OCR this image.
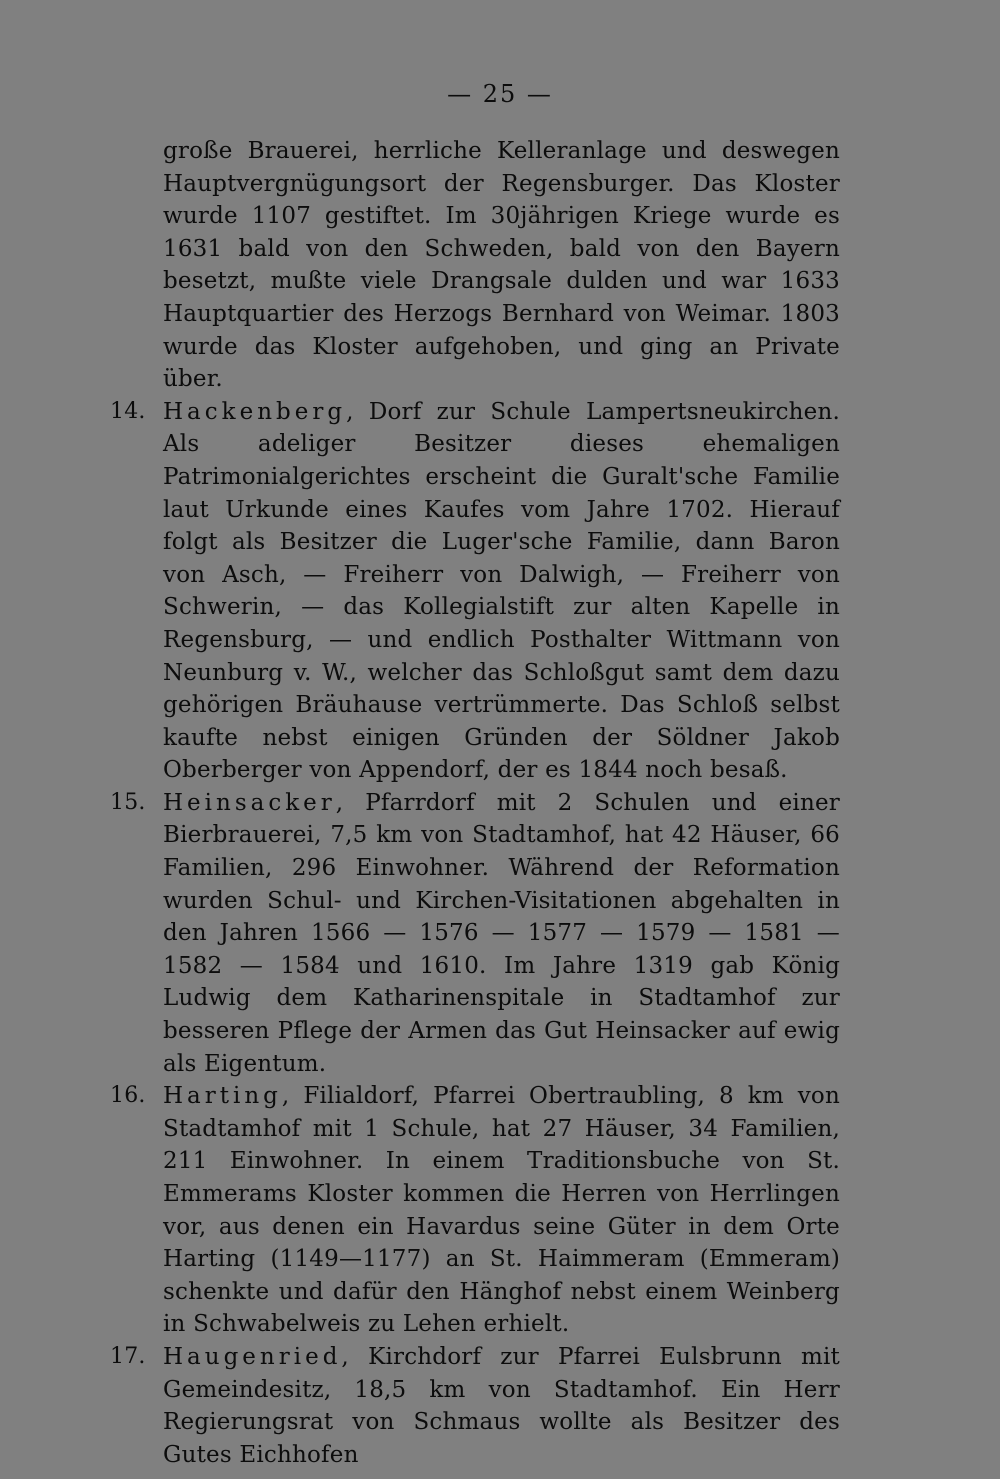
— 25 —
große Brauerei, herrliche Kelleranlage und deswegen Hauptvergnügungsort der Regensburger. Das Kloster wurde 1107 gestiftet. Im 30jährigen Kriege wurde es 1631 bald von den Schweden, bald von den Bayern besetzt, mußte viele Drangsale dulden und war 1633 Hauptquartier des Herzogs Bernhard von Weimar. 1803 wurde das Kloster aufgehoben, und ging an Private über.
14. Hackenberg, Dorf zur Schule Lampertsneukirchen. Als adeliger Besitzer dieses ehemaligen Patrimonialgerichtes erscheint die Guralt'sche Familie laut Urkunde eines Kaufes vom Jahre 1702. Hierauf folgt als Besitzer die Luger'sche Familie, dann Baron von Asch, — Freiherr von Dalwigh, — Freiherr von Schwerin, — das Kollegialstift zur alten Kapelle in Regensburg, — und endlich Posthalter Wittmann von Neunburg v. W., welcher das Schloßgut samt dem dazu gehörigen Bräuhause vertrümmerte. Das Schloß selbst kaufte nebst einigen Gründen der Söldner Jakob Oberberger von Appendorf, der es 1844 noch besaß.
15. Heinsacker, Pfarrdorf mit 2 Schulen und einer Bierbrauerei, 7,5 km von Stadtamhof, hat 42 Häuser, 66 Familien, 296 Einwohner. Während der Reformation wurden Schul- und Kirchen-Visitationen abgehalten in den Jahren 1566 — 1576 — 1577 — 1579 — 1581 — 1582 — 1584 und 1610. Im Jahre 1319 gab König Ludwig dem Katharinenspitale in Stadtamhof zur besseren Pflege der Armen das Gut Heinsacker auf ewig als Eigentum.
16. Harting, Filialdorf, Pfarrei Obertraubling, 8 km von Stadtamhof mit 1 Schule, hat 27 Häuser, 34 Familien, 211 Einwohner. In einem Traditionsbuche von St. Emmerams Kloster kommen die Herren von Herrlingen vor, aus denen ein Havardus seine Güter in dem Orte Harting (1149—1177) an St. Haimmeram (Emmeram) schenkte und dafür den Hänghof nebst einem Weinberg in Schwabelweis zu Lehen erhielt.
17. Haugenried, Kirchdorf zur Pfarrei Eulsbrunn mit Gemeindesitz, 18,5 km von Stadtamhof. Ein Herr Regierungsrat von Schmaus wollte als Besitzer des Gutes Eichhofen
